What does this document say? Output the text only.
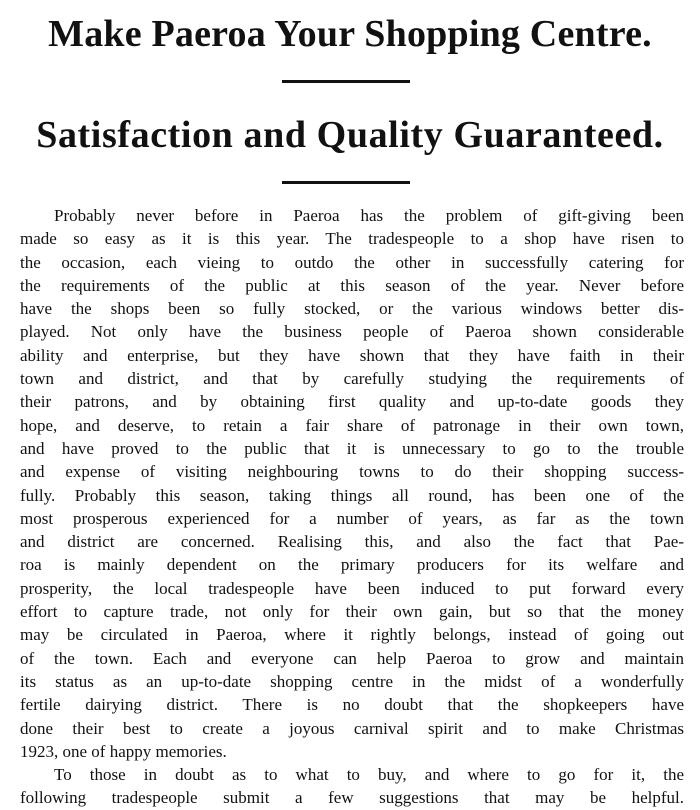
Make Paeroa Your Shopping Centre.
Satisfaction and Quality Guaranteed.
Probably never before in Paeroa has the problem of gift-giving been
made so easy as it is this year. The tradespeople to a shop have risen to
the occasion, each vieing to outdo the other in successfully catering for
the requirements of the public at this season of the year. Never before
have the shops been so fully stocked, or the various windows better dis-
played. Not only have the business people of Paeroa shown considerable
ability and enterprise, but they have shown that they have faith in their
town and district, and that by carefully studying the requirements of
their patrons, and by obtaining first quality and up-to-date goods they
hope, and deserve, to retain a fair share of patronage in their own town,
and have proved to the public that it is unnecessary to go to the trouble
and expense of visiting neighbouring towns to do their shopping success-
fully. Probably this season, taking things all round, has been one of the
most prosperous experienced for a number of years, as far as the town
and district are concerned. Realising this, and also the fact that Pae-
roa is mainly dependent on the primary producers for its welfare and
prosperity, the local tradespeople have been induced to put forward every
effort to capture trade, not only for their own gain, but so that the money
may be circulated in Paeroa, where it rightly belongs, instead of going out
of the town. Each and everyone can help Paeroa to grow and maintain
its status as an up-to-date shopping centre in the midst of a wonderfully
fertile dairying district. There is no doubt that the shopkeepers have
done their best to create a joyous carnival spirit and to make Christmas
1923, one of happy memories.
To those in doubt as to what to buy, and where to go for it, the
following tradespeople submit a few suggestions that may be helpful.
